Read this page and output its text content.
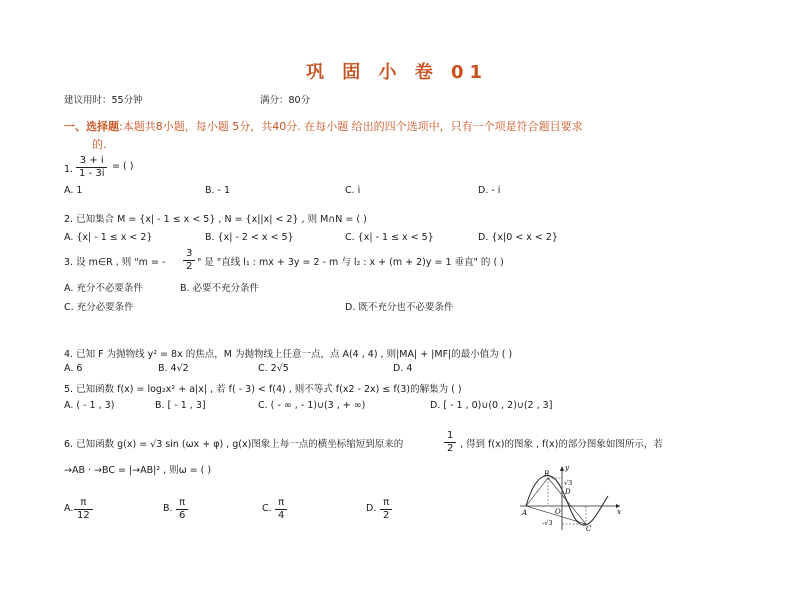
巩 固 小 卷 01
建议用时：55分钟	满分：80分
一、选择题:本题共8小题，每小题 5分，共40分. 在每小题 给出的四个选项中，只有一个项是符合题目要求
的.
1. $\frac{3 + i}{1 - 3i}$ = ( )
A. 1	B. - 1	C. i	D. - i
2. 已知集合 M = {x| - 1 ≤ x < 5} , N = {x||x| < 2} , 则 M∩N = ( )
A. {x| - 1 ≤ x < 2}	B. {x| - 2 < x < 5}	C. {x| - 1 ≤ x < 5}	D. {x|0 < x < 2}
3. 设 m∈R , 则 "m = - $\frac{3}{2}$ " 是 "直线 l₁ : mx + 3y = 2 - m 与 l₂ : x + (m + 2)y = 1 垂直" 的 ( )
A. 充分不必要条件	B. 必要不充分条件
C. 充分必要条件	D. 既不充分也不必要条件
4. 已知 F 为抛物线 y² = 8x 的焦点，M 为抛物线上任意一点，点 A(4 , 4) , 则|MA| + |MF|的最小值为 ( )
A. 6	B. 4√2	C. 2√5	D. 4
5. 已知函数 f(x) = log₂x² + a|x| , 若 f( - 3) < f(4) , 则不等式 f(x2 - 2x) ≤ f(3)的解集为 ( )
A. ( - 1 , 3)	B. [ - 1 , 3]	C. ( - ∞ , - 1)∪(3 , + ∞)	D. [ - 1 , 0)∪(0 , 2)∪(2 , 3]
6. 已知函数 g(x) = √3 sin (ωx + φ) , g(x)图象上每一点的横坐标缩短到原来的	$\frac{1}{2}$ , 得到 f(x)的图象 , f(x)的部分图象如图所示，若
→AB · →BC = |→AB|² , 则ω = ( )
A. $\frac{\pi}{12}$	B. $\frac{\pi}{6}$	C. $\frac{\pi}{4}$	D. $\frac{\pi}{2}$
y
x
B
D
A	O
C
√3
-√3
